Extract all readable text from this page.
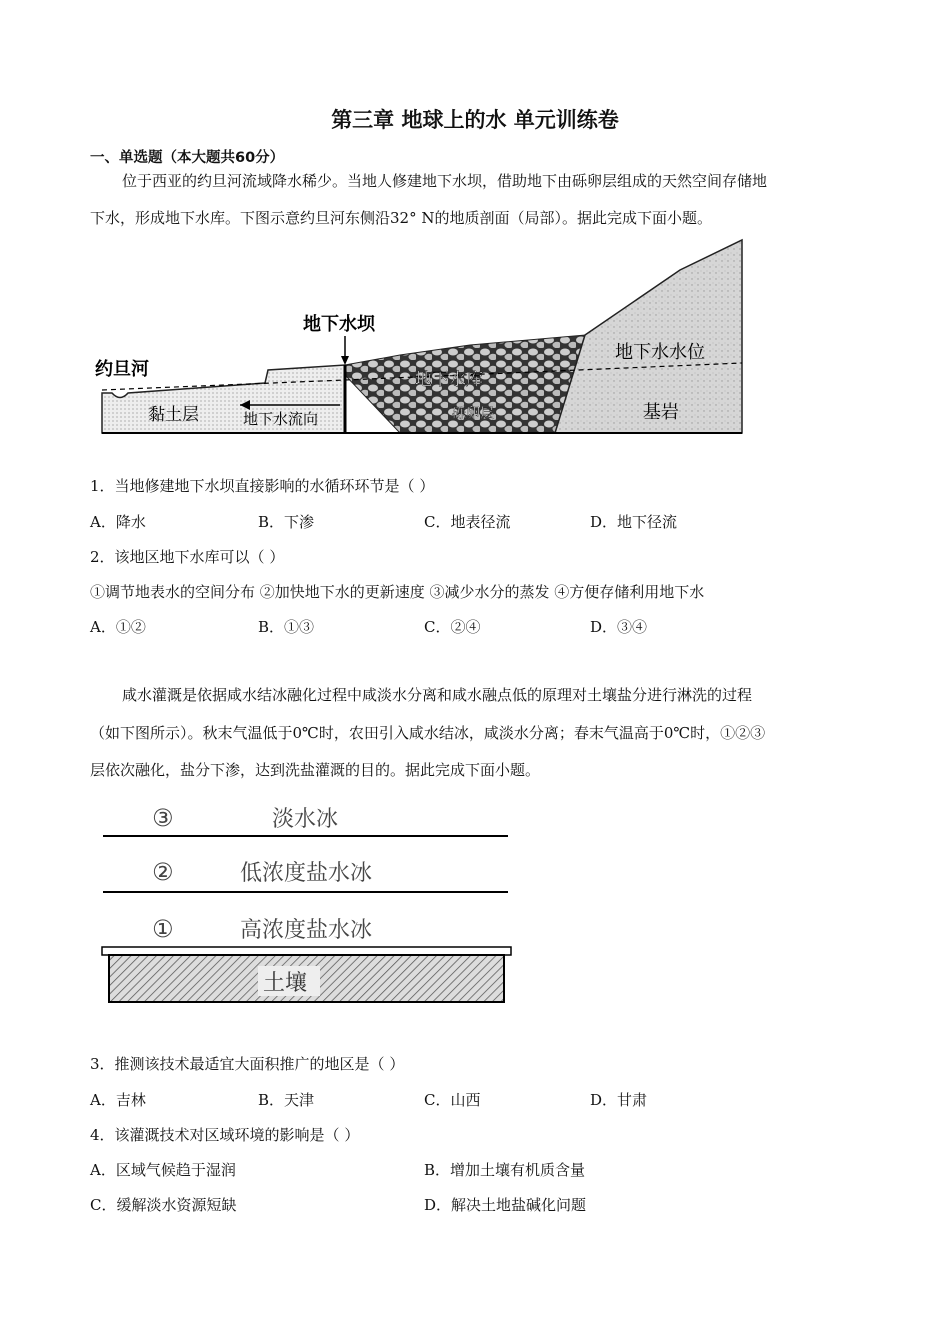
第三章 地球上的水 单元训练卷
一、单选题（本大题共60分）
位于西亚的约旦河流域降水稀少。当地人修建地下水坝，借助地下由砾卵层组成的天然空间存储地
下水，形成地下水库。下图示意约旦河东侧沿32° N的地质剖面（局部）。据此完成下面小题。
约旦河
地下水坝
黏土层	地下水流向
地下水库
砾卵层
地下水水位
基岩
1．当地修建地下水坝直接影响的水循环环节是（ ）
A．降水	B．下渗	C．地表径流	D．地下径流
2．该地区地下水库可以（ ）
①调节地表水的空间分布 ②加快地下水的更新速度 ③减少水分的蒸发 ④方便存储利用地下水
A．①②	B．①③	C．②④	D．③④
咸水灌溉是依据咸水结冰融化过程中咸淡水分离和咸水融点低的原理对土壤盐分进行淋洗的过程
（如下图所示）。秋末气温低于0℃时，农田引入咸水结冰，咸淡水分离；春末气温高于0℃时，①②③
层依次融化，盐分下渗，达到洗盐灌溉的目的。据此完成下面小题。
③	淡水冰
②	低浓度盐水冰
①	高浓度盐水冰
土壤
3．推测该技术最适宜大面积推广的地区是（ ）
A．吉林	B．天津	C．山西	D．甘肃
4．该灌溉技术对区域环境的影响是（ ）
A．区域气候趋于湿润	B．增加土壤有机质含量
C．缓解淡水资源短缺	D．解决土地盐碱化问题
